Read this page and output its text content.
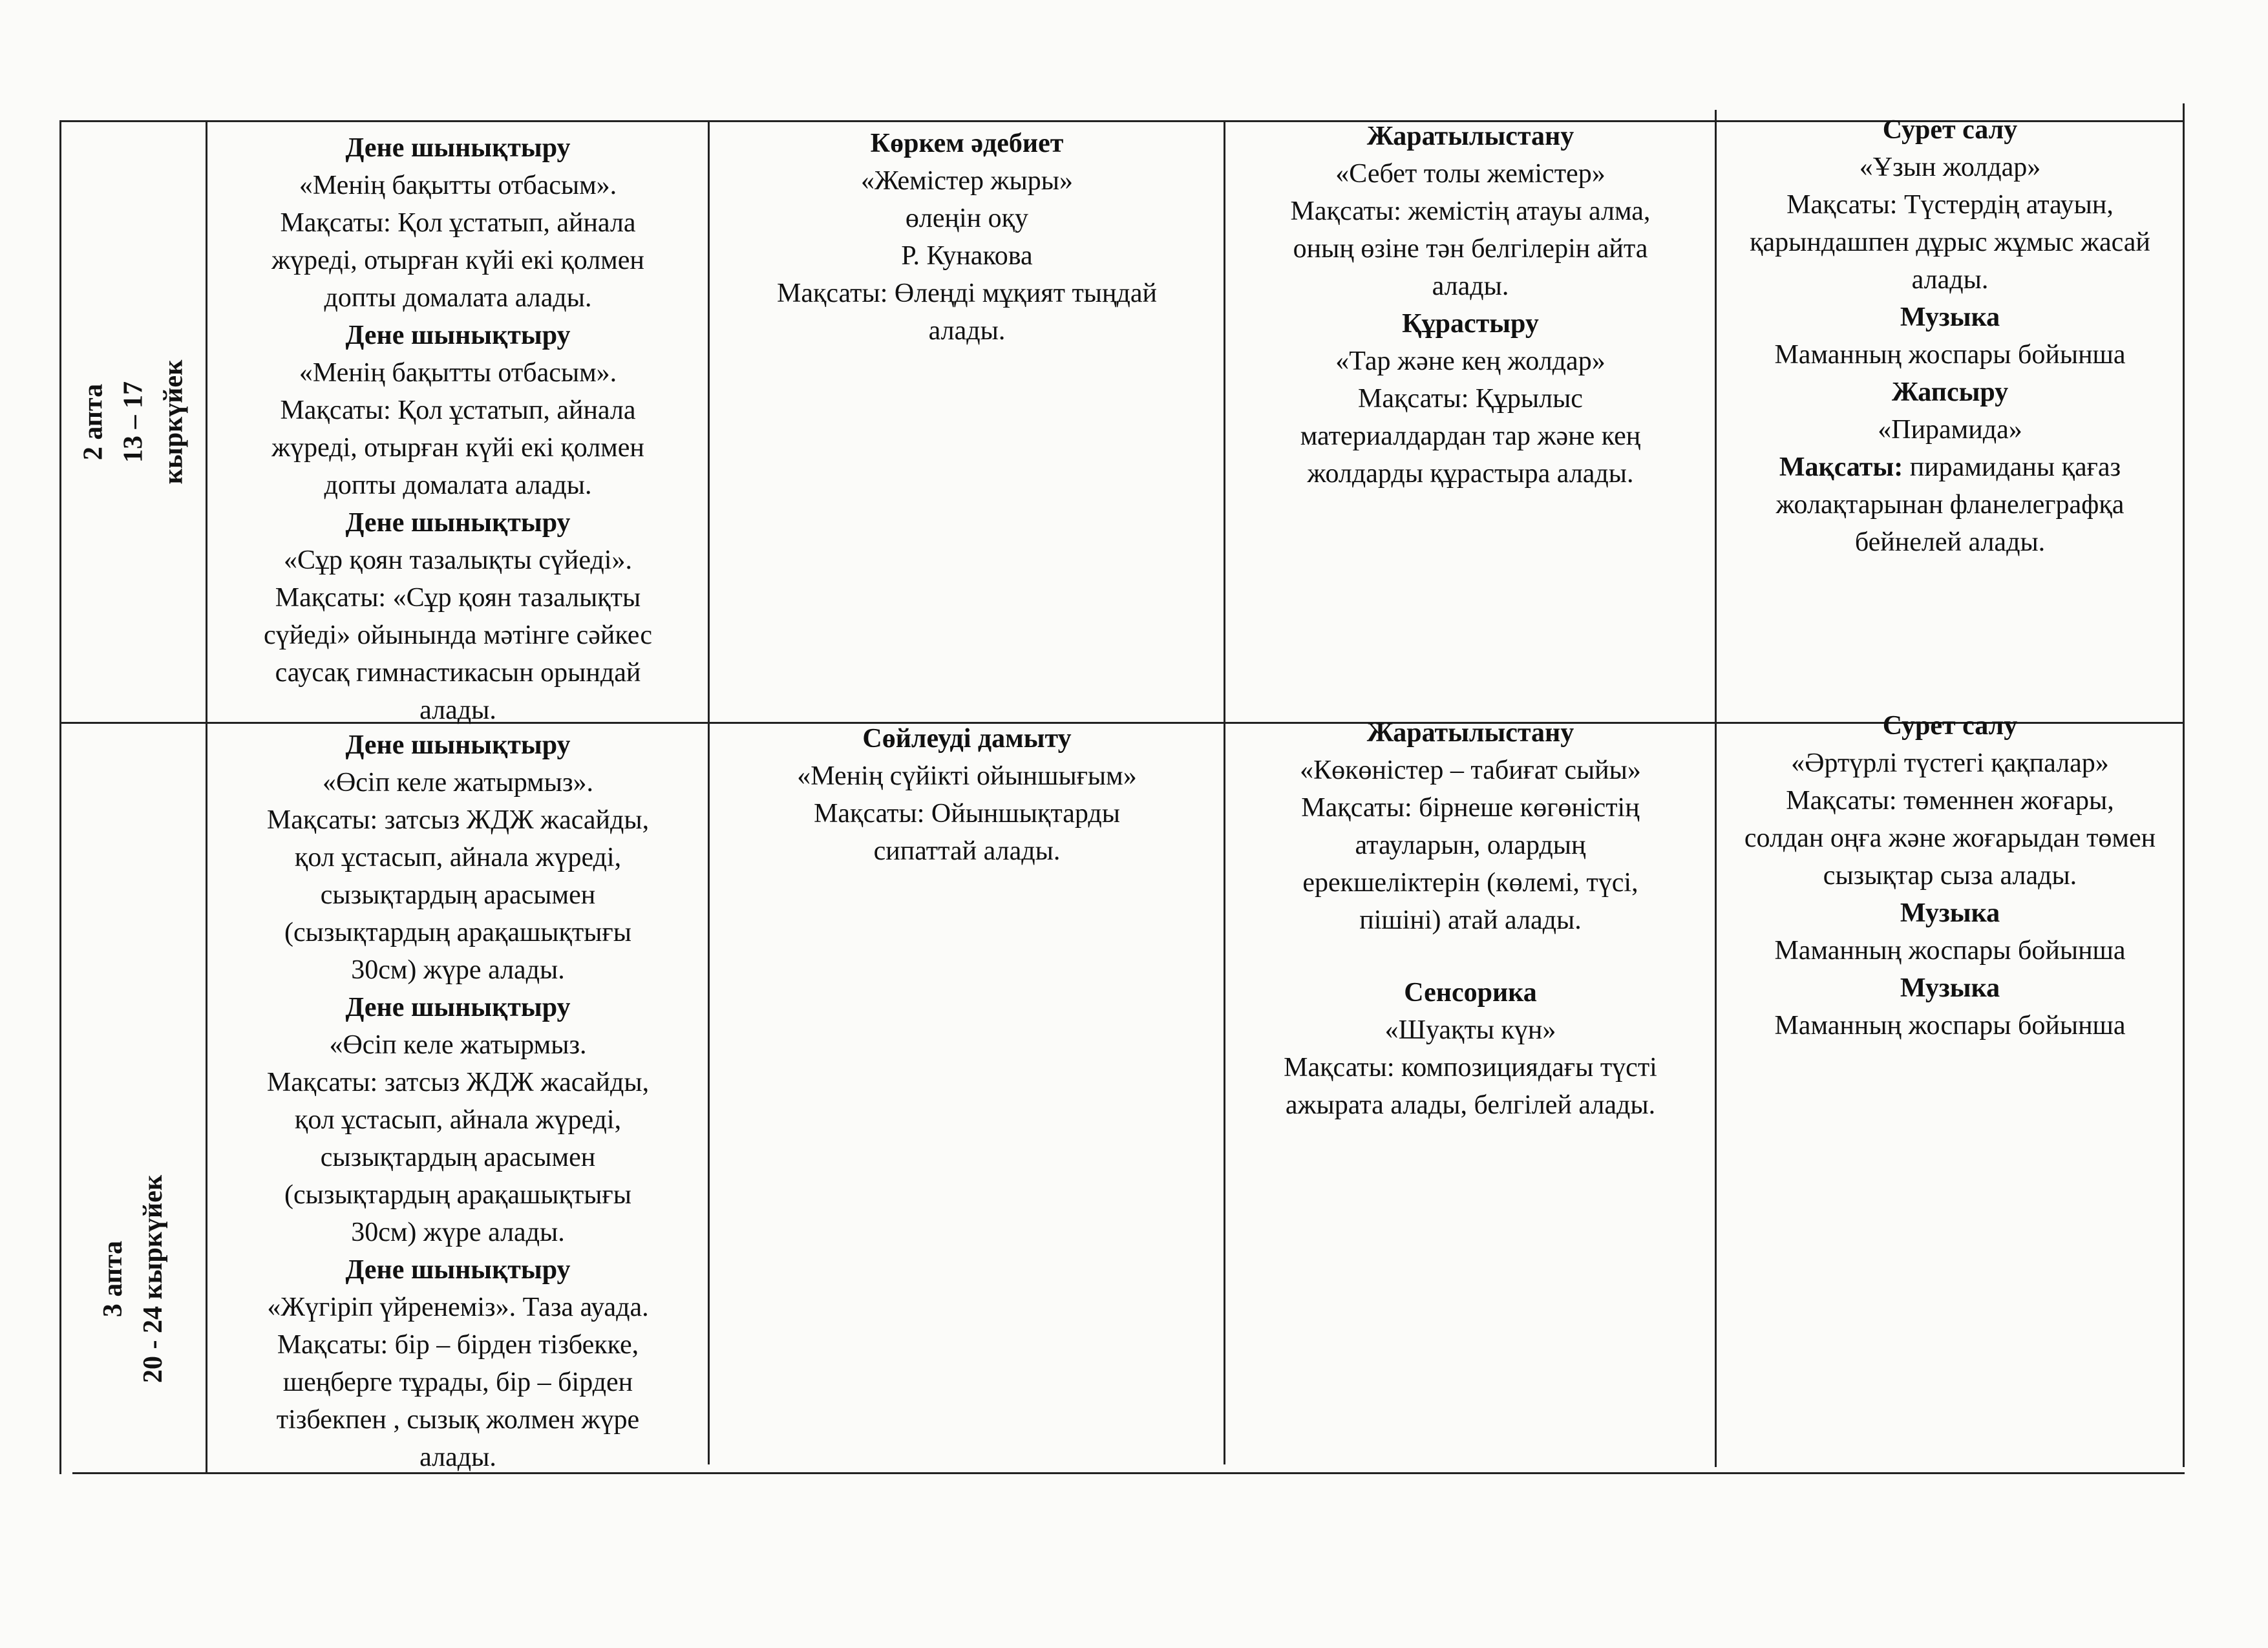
2 апта 13 – 17 кыркүйек
3 апта 20 - 24 кыркүйек
Дене шынықтыру
«Менің бақытты отбасым».
Мақсаты: Қол ұстатып, айнала
жүреді, отырған күйі екі қолмен
допты домалата алады.
Дене шынықтыру
«Менің бақытты отбасым».
Мақсаты: Қол ұстатып, айнала
жүреді, отырған күйі екі қолмен
допты домалата алады.
Дене шынықтыру
«Сұр қоян тазалықты сүйеді».
Мақсаты: «Сұр қоян тазалықты
сүйеді» ойынында мәтінге сәйкес
саусақ гимнастикасын орындай
алады.
Көркем әдебиет
«Жемістер жыры»
өлеңін оқу
Р. Кунакова
Мақсаты: Өлеңді мұқият тыңдай
алады.
Жаратылыстану
«Себет толы жемістер»
Мақсаты: жемістің атауы алма,
оның өзіне тән белгілерін айта
алады.
Құрастыру
«Тар және кең жолдар»
Мақсаты: Құрылыс
материалдардан тар және кең
жолдарды құрастыра алады.
Сурет салу
«Ұзын жолдар»
Мақсаты: Түстердің атауын,
қарындашпен дұрыс жұмыс жасай
алады.
Музыка
Маманның жоспары бойынша
Жапсыру
«Пирамида»
Мақсаты: пирамиданы қағаз
жолақтарынан фланелеграфқа
бейнелей алады.
Дене шынықтыру
«Өсіп келе жатырмыз».
Мақсаты: затсыз ЖДЖ жасайды,
қол ұстасып, айнала жүреді,
сызықтардың арасымен
(сызықтардың арақашықтығы
30см) жүре алады.
Дене шынықтыру
«Өсіп келе жатырмыз.
Мақсаты: затсыз ЖДЖ жасайды,
қол ұстасып, айнала жүреді,
сызықтардың арасымен
(сызықтардың арақашықтығы
30см) жүре алады.
Дене шынықтыру
«Жүгіріп үйренеміз». Таза ауада.
Мақсаты: бір – бірден тізбекке,
шеңберге тұрады, бір – бірден
тізбекпен , сызық жолмен жүре
алады.
Сөйлеуді дамыту
«Менің сүйікті ойыншығым»
Мақсаты: Ойыншықтарды
сипаттай алады.
Жаратылыстану
«Көкөністер – табиғат сыйы»
Мақсаты: бірнеше көгөністің
атауларын, олардың
ерекшеліктерін (көлемі, түсі,
пішіні) атай алады.
Сенсорика
«Шуақты күн»
Мақсаты: композициядағы түсті
ажырата алады, белгілей алады.
Сурет салу
«Әртүрлі түстегі қақпалар»
Мақсаты: төменнен жоғары,
солдан оңға және жоғарыдан төмен
сызықтар сыза алады.
Музыка
Маманның жоспары бойынша
Музыка
Маманның жоспары бойынша
